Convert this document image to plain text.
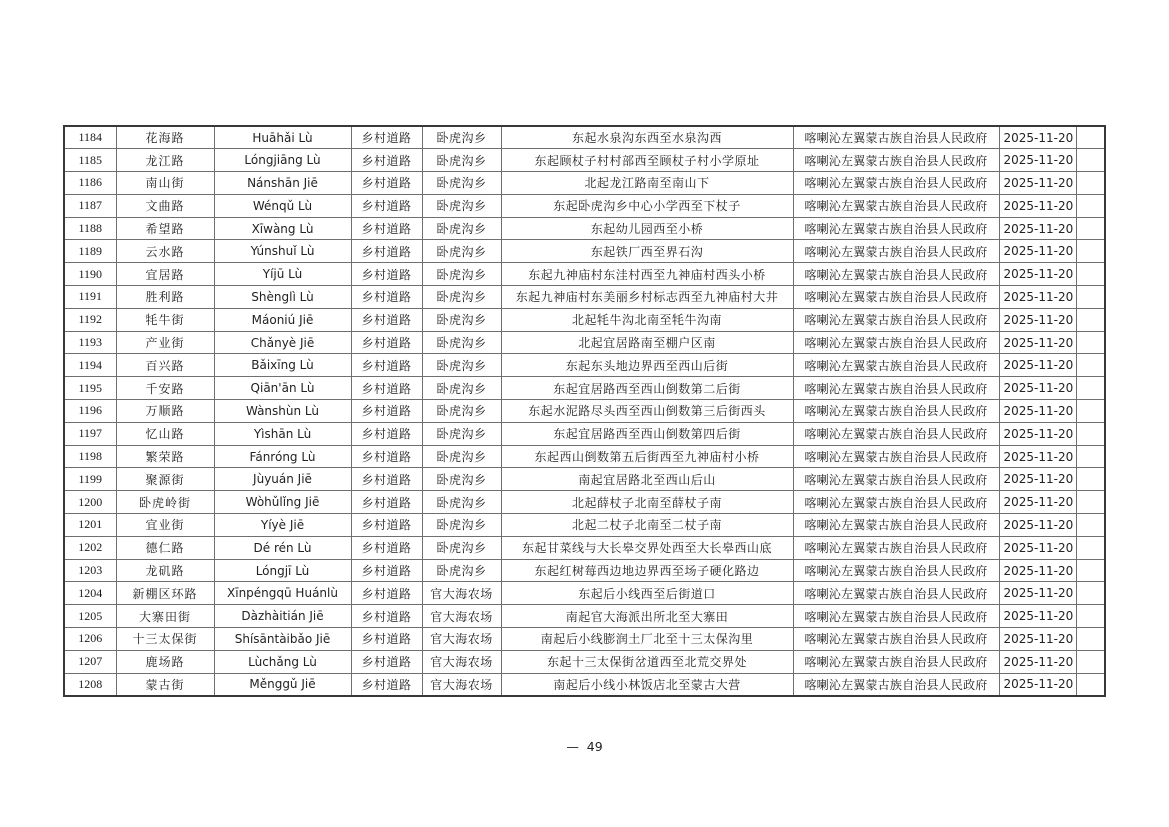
1184	花海路	Huāhǎi Lù	乡村道路	卧虎沟乡	东起水泉沟东西至水泉沟西	喀喇沁左翼蒙古族自治县人民政府	2025-11-20	
1185	龙江路	Lóngjiāng Lù	乡村道路	卧虎沟乡	东起顾杖子村村部西至顾杖子村小学原址	喀喇沁左翼蒙古族自治县人民政府	2025-11-20	
1186	南山街	Nánshān Jiē	乡村道路	卧虎沟乡	北起龙江路南至南山下	喀喇沁左翼蒙古族自治县人民政府	2025-11-20	
1187	文曲路	Wénqǔ Lù	乡村道路	卧虎沟乡	东起卧虎沟乡中心小学西至下杖子	喀喇沁左翼蒙古族自治县人民政府	2025-11-20	
1188	希望路	Xīwàng Lù	乡村道路	卧虎沟乡	东起幼儿园西至小桥	喀喇沁左翼蒙古族自治县人民政府	2025-11-20	
1189	云水路	Yúnshuǐ Lù	乡村道路	卧虎沟乡	东起铁厂西至界石沟	喀喇沁左翼蒙古族自治县人民政府	2025-11-20	
1190	宜居路	Yíjū Lù	乡村道路	卧虎沟乡	东起九神庙村东洼村西至九神庙村西头小桥	喀喇沁左翼蒙古族自治县人民政府	2025-11-20	
1191	胜利路	Shènglì Lù	乡村道路	卧虎沟乡	东起九神庙村东美丽乡村标志西至九神庙村大井	喀喇沁左翼蒙古族自治县人民政府	2025-11-20	
1192	牦牛街	Máoniú Jiē	乡村道路	卧虎沟乡	北起牦牛沟北南至牦牛沟南	喀喇沁左翼蒙古族自治县人民政府	2025-11-20	
1193	产业街	Chǎnyè Jiē	乡村道路	卧虎沟乡	北起宜居路南至棚户区南	喀喇沁左翼蒙古族自治县人民政府	2025-11-20	
1194	百兴路	Bǎixīng Lù	乡村道路	卧虎沟乡	东起东头地边界西至西山后街	喀喇沁左翼蒙古族自治县人民政府	2025-11-20	
1195	千安路	Qiān'ān Lù	乡村道路	卧虎沟乡	东起宜居路西至西山倒数第二后街	喀喇沁左翼蒙古族自治县人民政府	2025-11-20	
1196	万顺路	Wànshùn Lù	乡村道路	卧虎沟乡	东起水泥路尽头西至西山倒数第三后街西头	喀喇沁左翼蒙古族自治县人民政府	2025-11-20	
1197	忆山路	Yìshān Lù	乡村道路	卧虎沟乡	东起宜居路西至西山倒数第四后街	喀喇沁左翼蒙古族自治县人民政府	2025-11-20	
1198	繁荣路	Fánróng Lù	乡村道路	卧虎沟乡	东起西山倒数第五后街西至九神庙村小桥	喀喇沁左翼蒙古族自治县人民政府	2025-11-20	
1199	聚源街	Jùyuán Jiē	乡村道路	卧虎沟乡	南起宜居路北至西山后山	喀喇沁左翼蒙古族自治县人民政府	2025-11-20	
1200	卧虎岭街	Wòhǔlǐng Jiē	乡村道路	卧虎沟乡	北起薛杖子北南至薛杖子南	喀喇沁左翼蒙古族自治县人民政府	2025-11-20	
1201	宜业街	Yíyè Jiē	乡村道路	卧虎沟乡	北起二杖子北南至二杖子南	喀喇沁左翼蒙古族自治县人民政府	2025-11-20	
1202	德仁路	Dé rén Lù	乡村道路	卧虎沟乡	东起甘菜线与大长皋交界处西至大长皋西山底	喀喇沁左翼蒙古族自治县人民政府	2025-11-20	
1203	龙矶路	Lóngjī Lù	乡村道路	卧虎沟乡	东起红树莓西边地边界西至场子硬化路边	喀喇沁左翼蒙古族自治县人民政府	2025-11-20	
1204	新棚区环路	Xīnpéngqū Huánlù	乡村道路	官大海农场	东起后小线西至后街道口	喀喇沁左翼蒙古族自治县人民政府	2025-11-20	
1205	大寨田街	Dàzhàitián Jiē	乡村道路	官大海农场	南起官大海派出所北至大寨田	喀喇沁左翼蒙古族自治县人民政府	2025-11-20	
1206	十三太保街	Shísāntàibǎo Jiē	乡村道路	官大海农场	南起后小线膨润土厂北至十三太保沟里	喀喇沁左翼蒙古族自治县人民政府	2025-11-20	
1207	鹿场路	Lùchǎng Lù	乡村道路	官大海农场	东起十三太保街岔道西至北荒交界处	喀喇沁左翼蒙古族自治县人民政府	2025-11-20	
1208	蒙古街	Měnggǔ Jiē	乡村道路	官大海农场	南起后小线小林饭店北至蒙古大营	喀喇沁左翼蒙古族自治县人民政府	2025-11-20	
—  49
